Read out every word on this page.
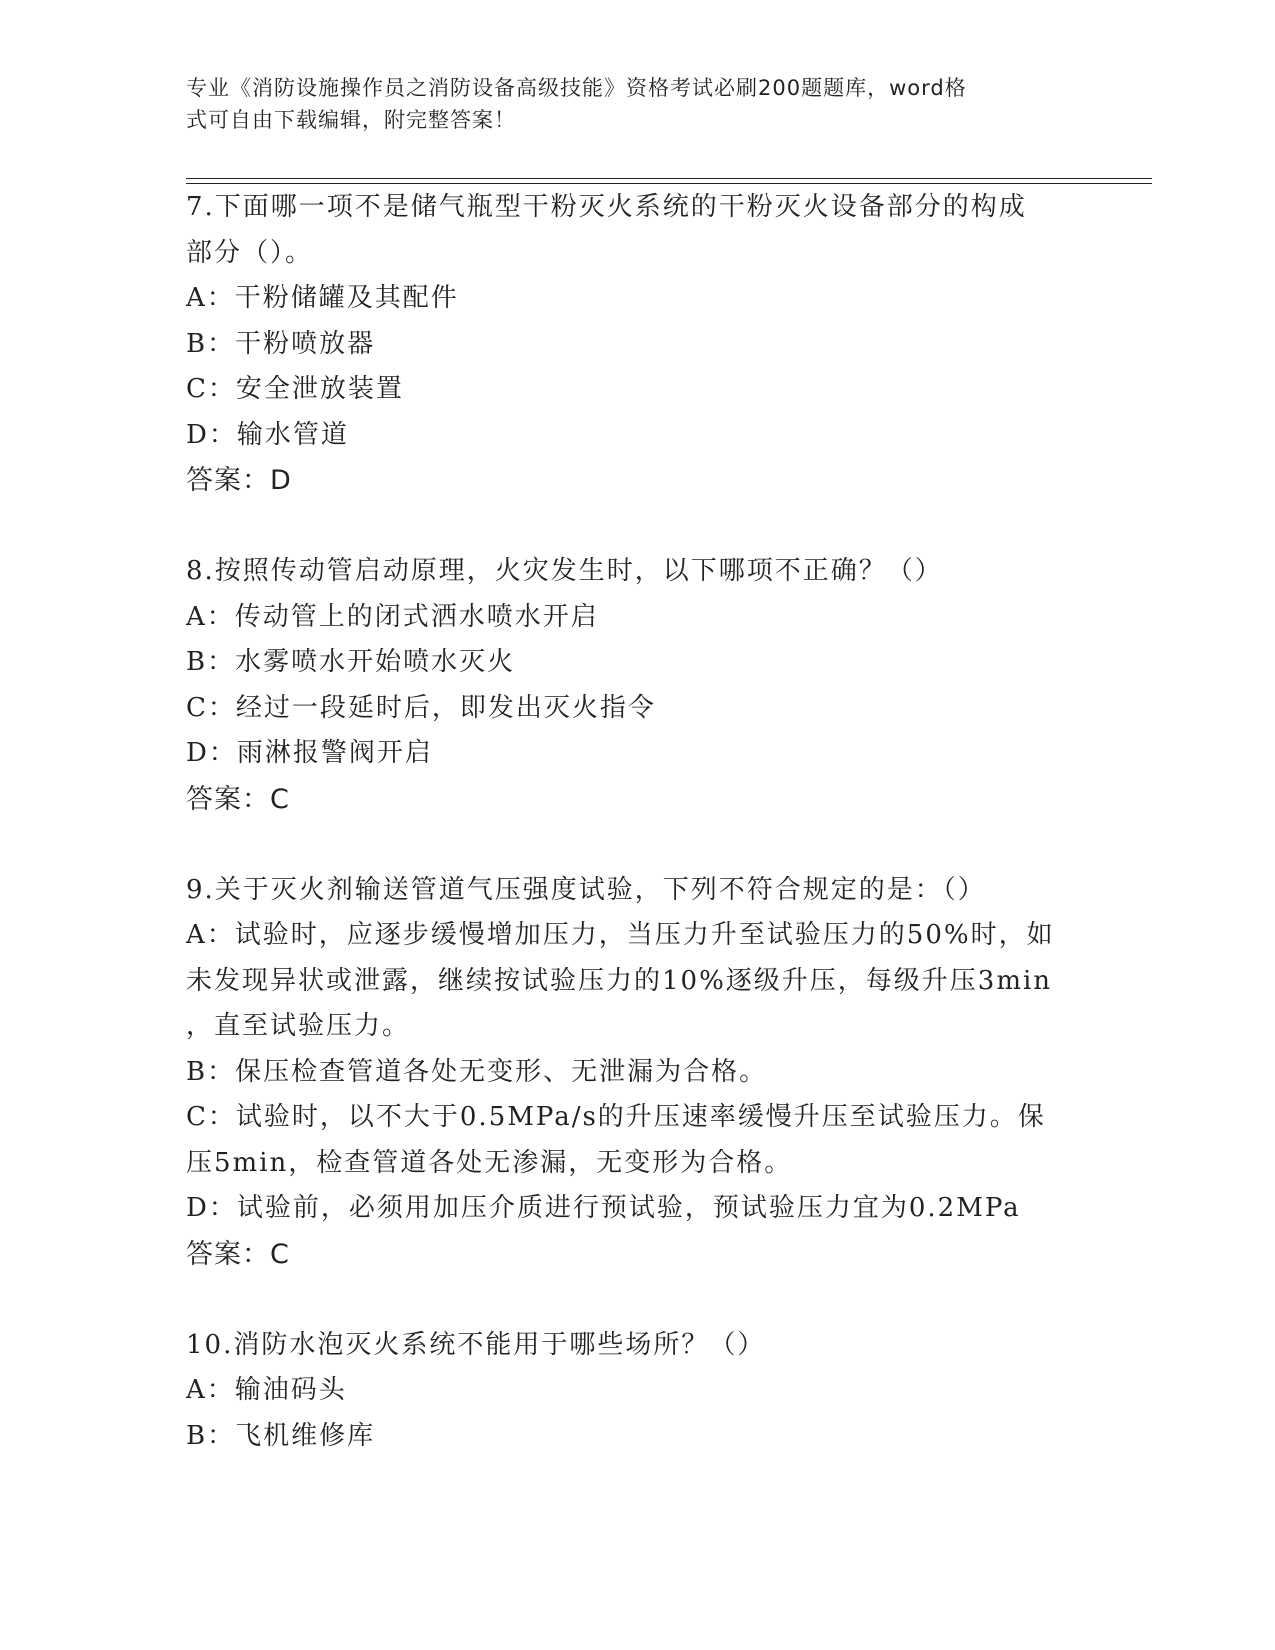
专业《消防设施操作员之消防设备高级技能》资格考试必刷200题题库，word格
式可自由下载编辑，附完整答案！
7.下面哪一项不是储气瓶型干粉灭火系统的干粉灭火设备部分的构成
部分（）。
A：干粉储罐及其配件
B：干粉喷放器
C：安全泄放装置
D：输水管道
答案：D
8.按照传动管启动原理，火灾发生时，以下哪项不正确？（）
A：传动管上的闭式洒水喷水开启
B：水雾喷水开始喷水灭火
C：经过一段延时后，即发出灭火指令
D：雨淋报警阀开启
答案：C
9.关于灭火剂输送管道气压强度试验，下列不符合规定的是：（）
A：试验时，应逐步缓慢增加压力，当压力升至试验压力的50%时，如
未发现异状或泄露，继续按试验压力的10%逐级升压，每级升压3min
，直至试验压力。
B：保压检查管道各处无变形、无泄漏为合格。
C：试验时，以不大于0.5MPa/s的升压速率缓慢升压至试验压力。保
压5min，检查管道各处无渗漏，无变形为合格。
D：试验前，必须用加压介质进行预试验，预试验压力宜为0.2MPa
答案：C
10.消防水泡灭火系统不能用于哪些场所？（）
A：输油码头
B：飞机维修库
